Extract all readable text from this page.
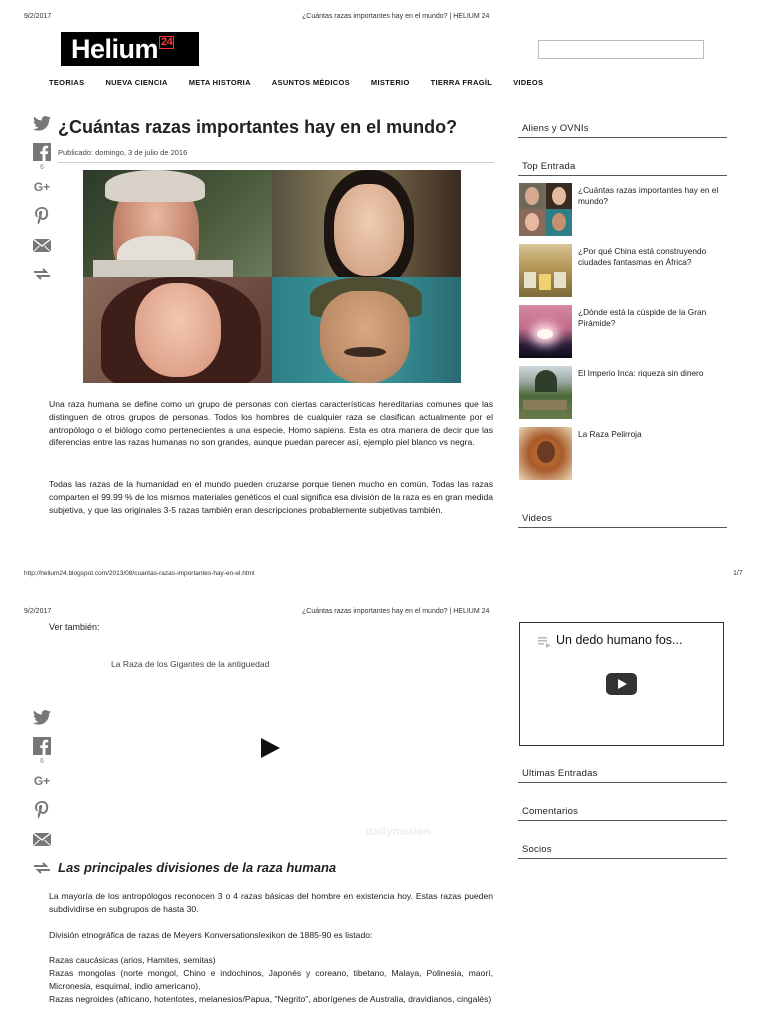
9/2/2017	¿Cuántas razas importantes hay en el mundo? | HELIUM 24
Helium 24
TEORIAS	NUEVA CIENCIA	META HISTORIA	ASUNTOS MÉDICOS	MISTERIO	TIERRA FRAGÍL	VIDEOS
6
G+
¿Cuántas razas importantes hay en el mundo?
Publicado: domingo, 3 de julio de 2016
Una raza humana se define como un grupo de personas con ciertas características hereditarias comunes que las distinguen de otros grupos de personas. Todos los hombres de cualquier raza se clasifican actualmente por el antropólogo o el biólogo como pertenecientes a una especie, Homo sapiens. Esta es otra manera de decir que las diferencias entre las razas humanas no son grandes, aunque puedan parecer así, ejemplo piel blanco vs negra.
Todas las razas de la humanidad en el mundo pueden cruzarse porque tienen mucho en común. Todas las razas comparten el 99.99 % de los mismos materiales genéticos el cual significa esa división de la raza es en gran medida subjetiva, y que las originales 3-5 razas también eran descripciones probablemente subjetivas también.
Aliens y OVNIs
Top Entrada
¿Cuántas razas importantes hay en el mundo?
¿Por qué China está construyendo ciudades fantasmas en África?
¿Dónde está la cúspide de la Gran Pirámide?
El Imperio Inca: riqueza sin dinero
La Raza Pelirroja
Videos
http://helium24.blogspot.com/2013/08/cuantas-razas-importantes-hay-en-el.html	1/7
9/2/2017	¿Cuántas razas importantes hay en el mundo? | HELIUM 24
Ver también:
La Raza de los Gigantes de la antiguedad
dailymotion
6
G+
Un dedo humano fos...
Ultimas Entradas
Comentarios
Socios
Las principales divisiones de la raza humana
La mayoría de los antropólogos reconocen 3 o 4 razas básicas del hombre en existencia hoy. Estas razas pueden subdividirse en subgrupos de hasta 30.
División etnográfica de razas de Meyers Konversationslexikon de 1885-90 es listado:
Razas caucásicas (arios, Hamites, semitas)
Razas mongolas (norte mongol, Chino e indochinos, Japonés y coreano, tibetano, Malaya, Polinesia, maorí, Micronesia, esquimal, indio americano),
Razas negroides (africano, hotentotes, melanesios/Papua, "Negrito", aborígenes de Australia, dravidianos, cingalés)
